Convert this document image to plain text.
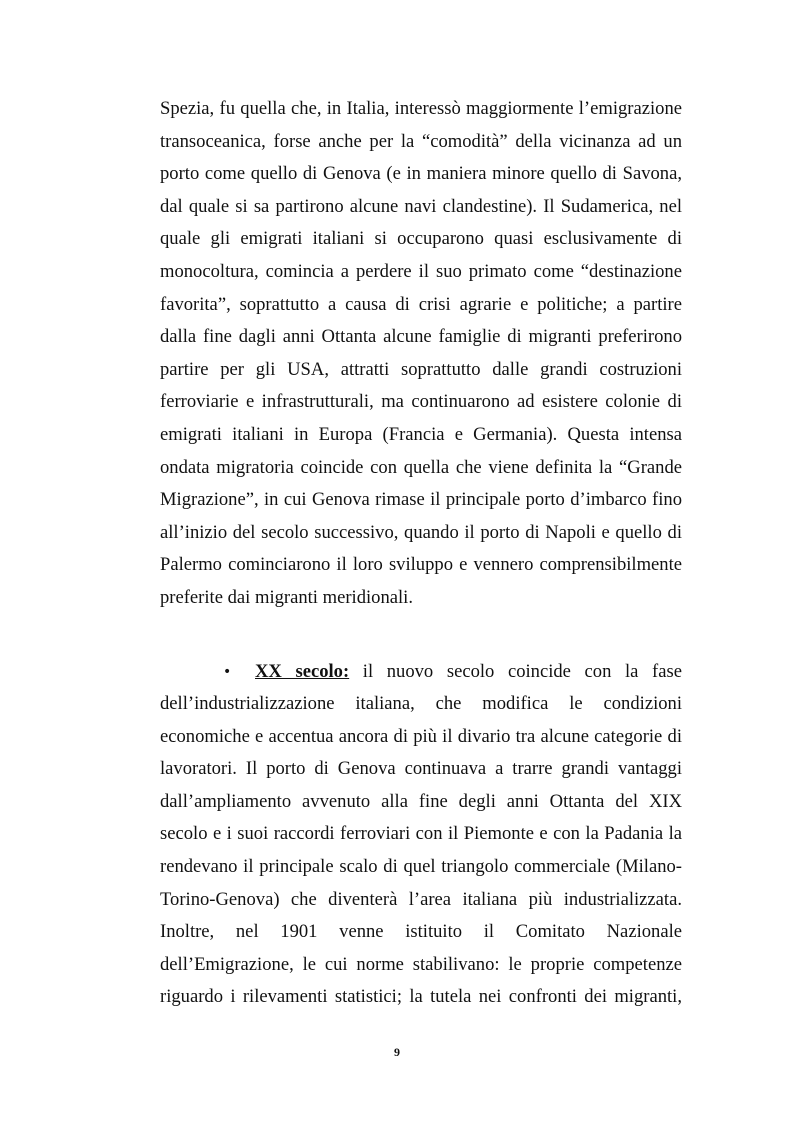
Spezia, fu quella che, in Italia, interessò maggiormente l’emigrazione
transoceanica, forse anche per la “comodità” della vicinanza ad un
porto come quello di Genova (e in maniera minore quello di Savona,
dal quale si sa partirono alcune navi clandestine). Il Sudamerica, nel
quale gli emigrati italiani si occuparono quasi esclusivamente di
monocoltura, comincia a perdere il suo primato come “destinazione
favorita”, soprattutto a causa di crisi agrarie e politiche; a partire
dalla fine dagli anni Ottanta alcune famiglie di migranti preferirono
partire per gli USA, attratti soprattutto dalle grandi costruzioni
ferroviarie e infrastrutturali, ma continuarono ad esistere colonie di
emigrati italiani in Europa (Francia e Germania). Questa intensa
ondata migratoria coincide con quella che viene definita la “Grande
Migrazione”, in cui Genova rimase il principale porto d’imbarco fino
all’inizio del secolo successivo, quando il porto di Napoli e quello di
Palermo cominciarono il loro sviluppo e vennero comprensibilmente
preferite dai migranti meridionali.
• XX secolo: il nuovo secolo coincide con la fase
dell’industrializzazione italiana, che modifica le condizioni
economiche e accentua ancora di più il divario tra alcune categorie di
lavoratori. Il porto di Genova continuava a trarre grandi vantaggi
dall’ampliamento avvenuto alla fine degli anni Ottanta del XIX
secolo e i suoi raccordi ferroviari con il Piemonte e con la Padania la
rendevano il principale scalo di quel triangolo commerciale (Milano-
Torino-Genova) che diventerà l’area italiana più industrializzata.
Inoltre, nel 1901 venne istituito il Comitato Nazionale
dell’Emigrazione, le cui norme stabilivano: le proprie competenze
riguardo i rilevamenti statistici; la tutela nei confronti dei migranti,
9
